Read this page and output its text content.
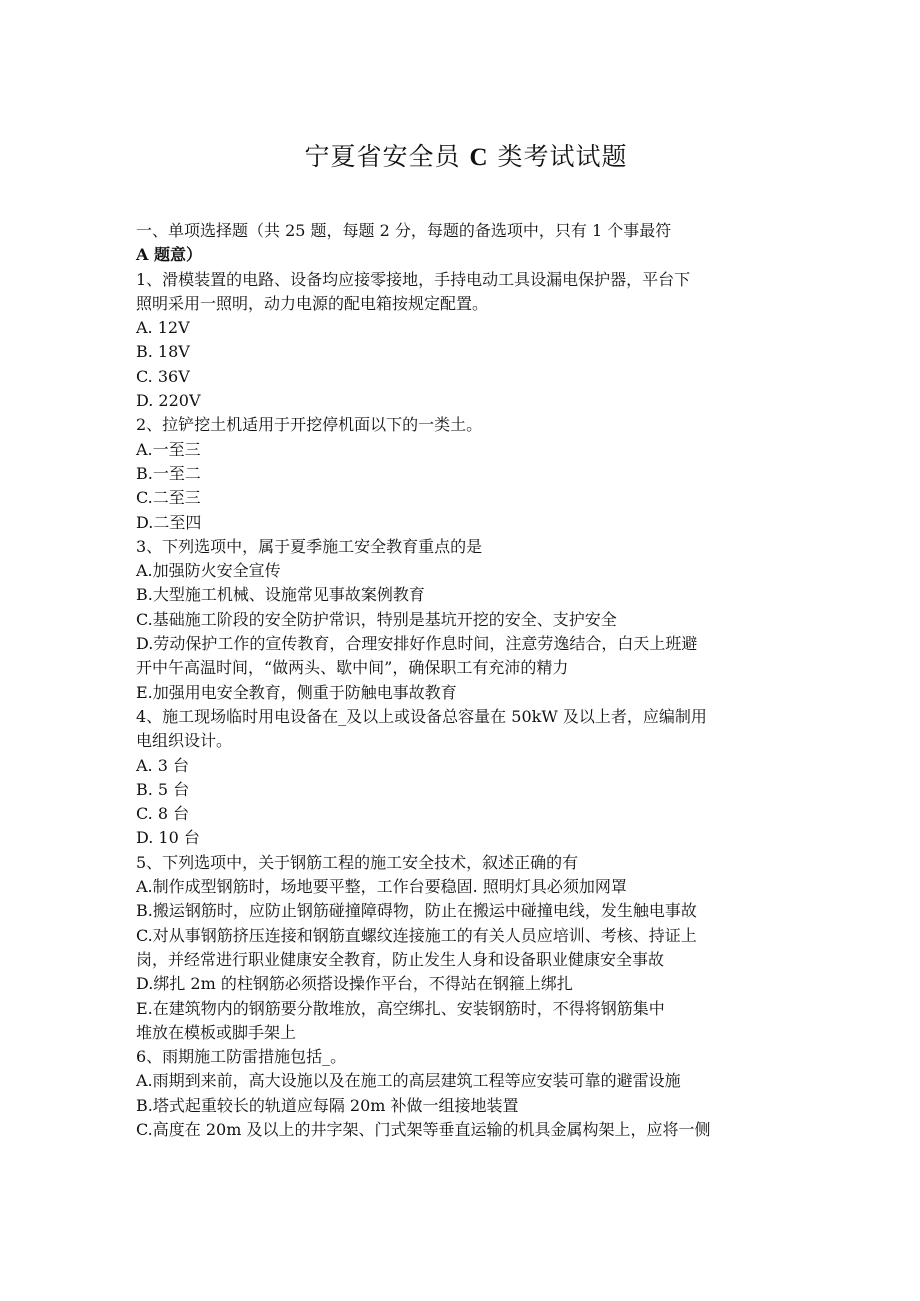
宁夏省安全员 C 类考试试题
一、单项选择题（共 25 题，每题 2 分，每题的备选项中，只有 1 个事最符
A 题意）
1、滑模装置的电路、设备均应接零接地，手持电动工具设漏电保护器，平台下
照明采用一照明，动力电源的配电箱按规定配置。
A. 12V
B. 18V
C. 36V
D. 220V
2、拉铲挖土机适用于开挖停机面以下的一类土。
A.一至三
B.一至二
C.二至三
D.二至四
3、下列选项中，属于夏季施工安全教育重点的是
A.加强防火安全宣传
B.大型施工机械、设施常见事故案例教育
C.基础施工阶段的安全防护常识，特别是基坑开挖的安全、支护安全
D.劳动保护工作的宣传教育，合理安排好作息时间，注意劳逸结合，白天上班避
开中午高温时间，“做两头、歇中间”，确保职工有充沛的精力
E.加强用电安全教育，侧重于防触电事故教育
4、施工现场临时用电设备在_及以上或设备总容量在 50kW 及以上者，应编制用
电组织设计。
A. 3 台
B. 5 台
C. 8 台
D. 10 台
5、下列选项中，关于钢筋工程的施工安全技术，叙述正确的有
A.制作成型钢筋时，场地要平整，工作台要稳固. 照明灯具必须加网罩
B.搬运钢筋时，应防止钢筋碰撞障碍物，防止在搬运中碰撞电线，发生触电事故
C.对从事钢筋挤压连接和钢筋直螺纹连接施工的有关人员应培训、考核、持证上
岗，并经常进行职业健康安全教育，防止发生人身和设备职业健康安全事故
D.绑扎 2m 的柱钢筋必须搭设操作平台，不得站在钢箍上绑扎
E.在建筑物内的钢筋要分散堆放，高空绑扎、安装钢筋时，不得将钢筋集中
堆放在模板或脚手架上
6、雨期施工防雷措施包括_。
A.雨期到来前，高大设施以及在施工的高层建筑工程等应安装可靠的避雷设施
B.塔式起重较长的轨道应每隔 20m 补做一组接地装置
C.高度在 20m 及以上的井字架、门式架等垂直运输的机具金属构架上，应将一侧
